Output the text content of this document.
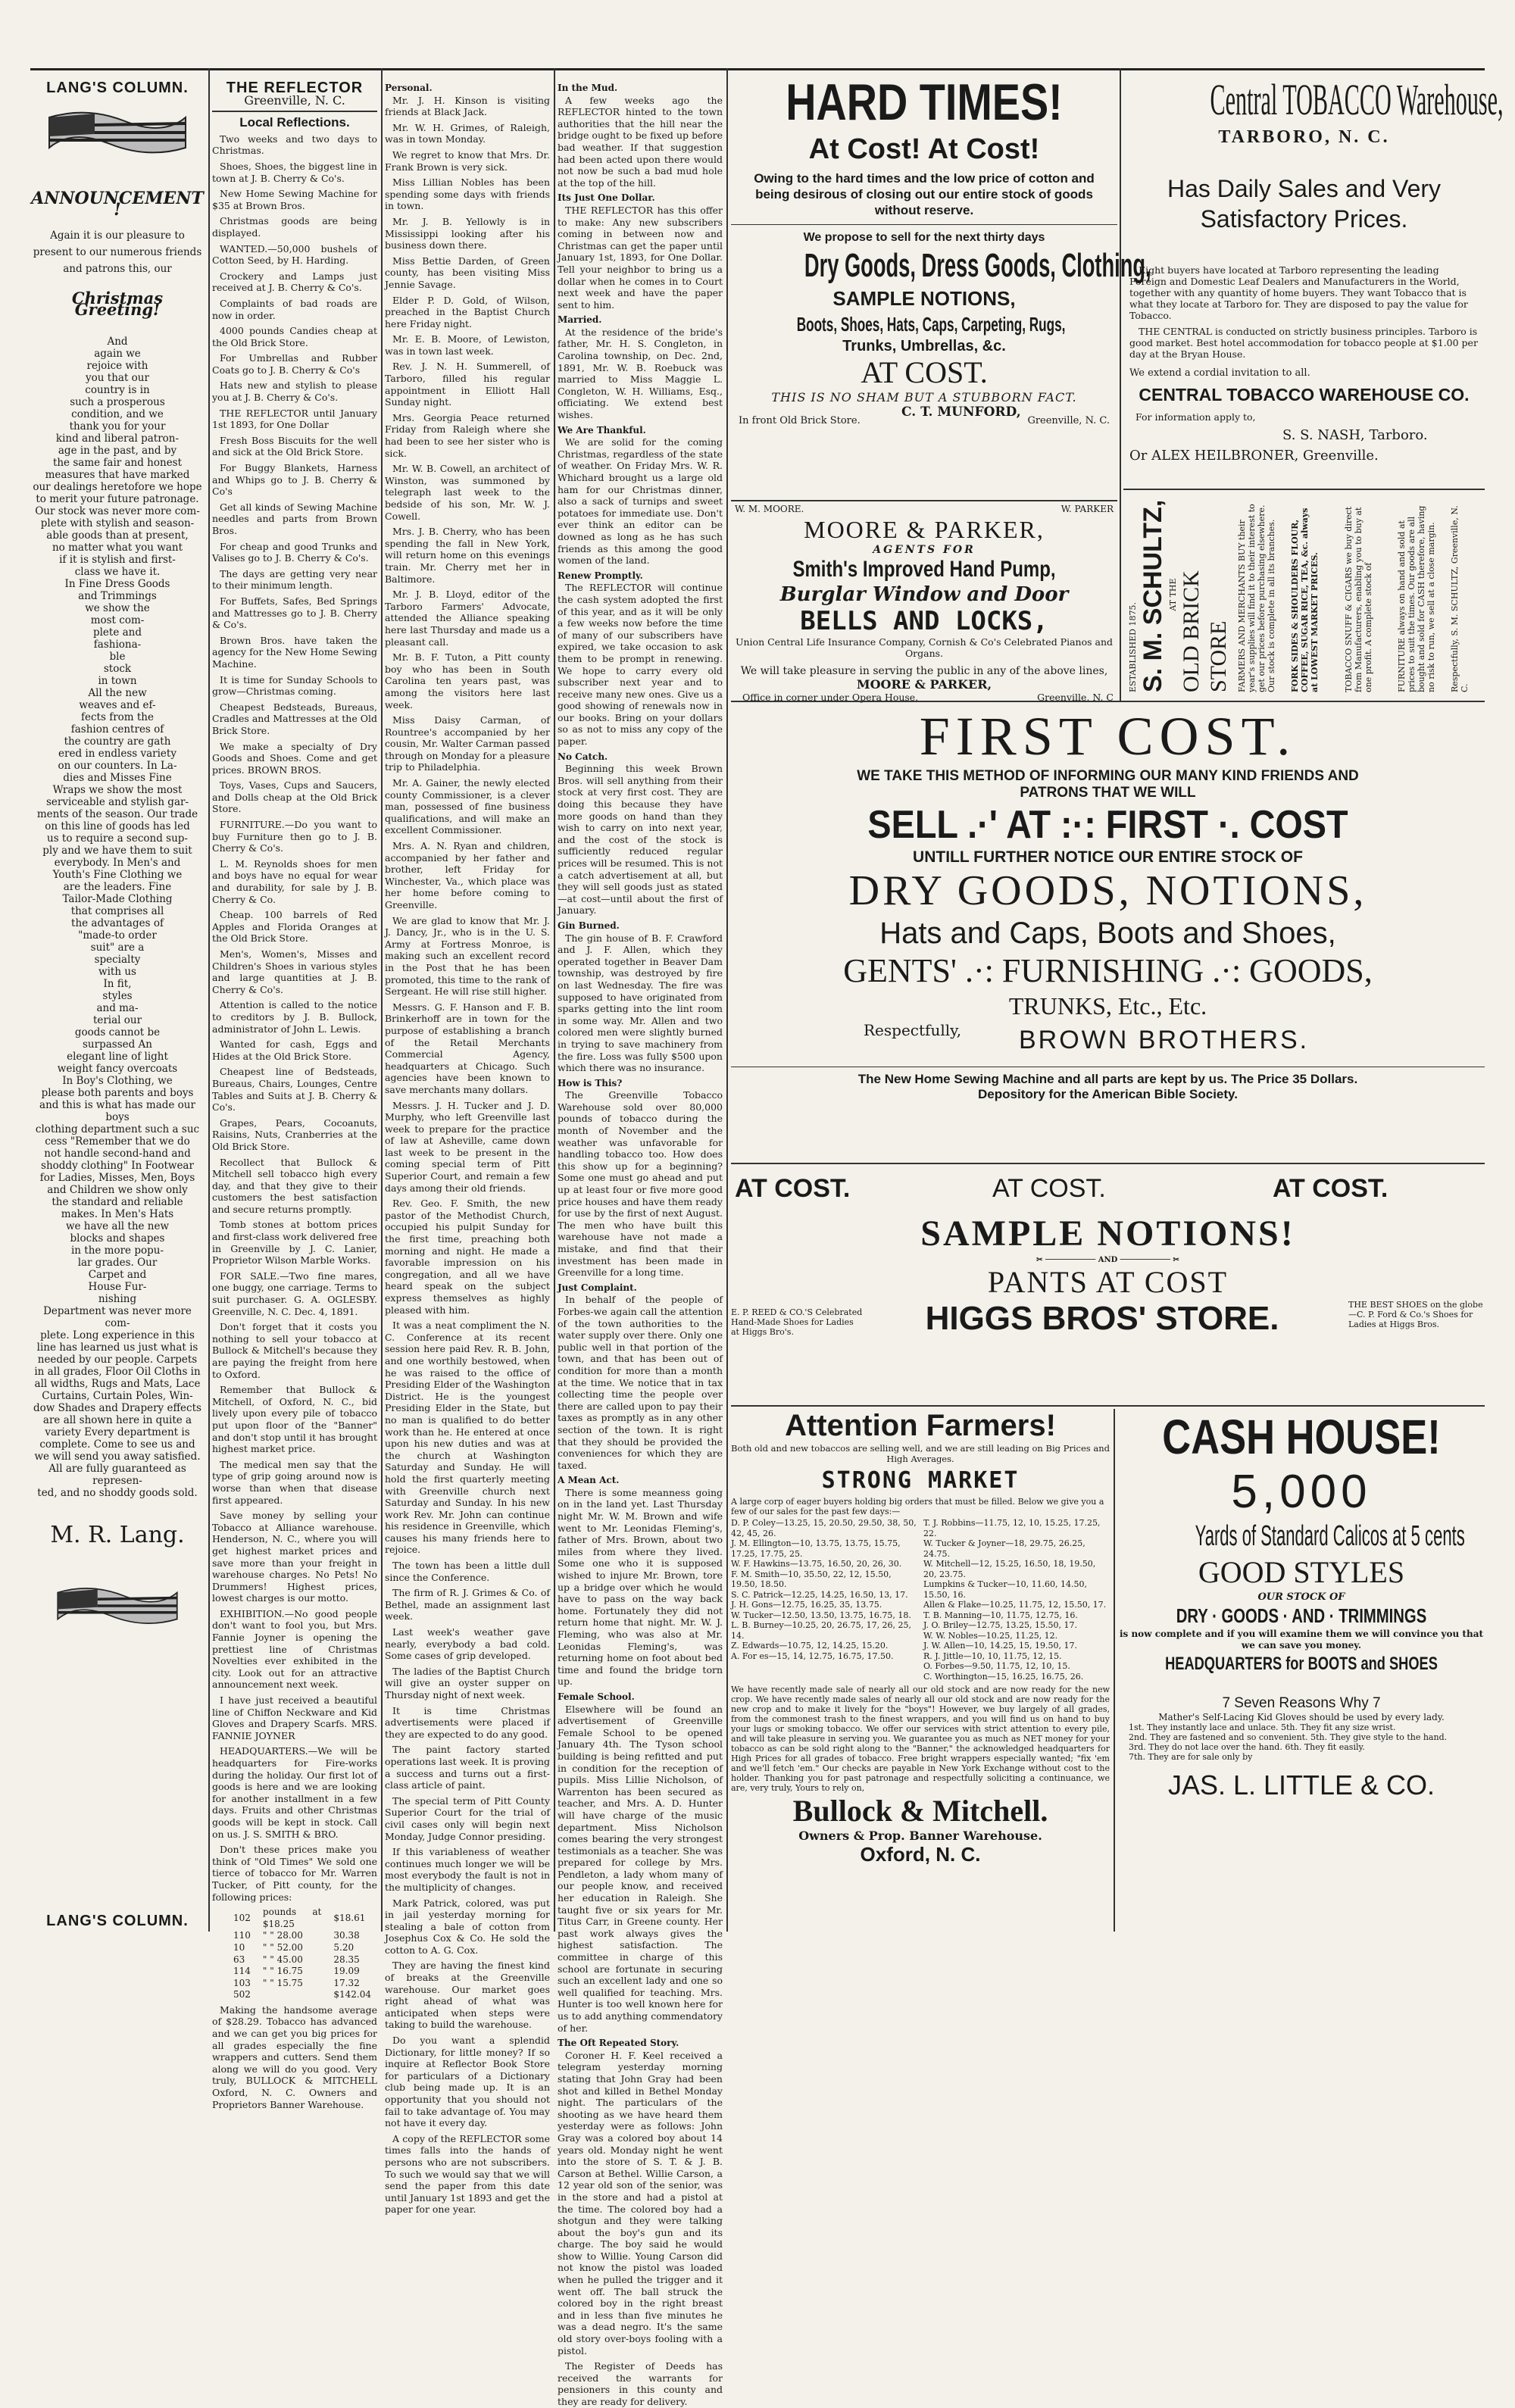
LANG'S COLUMN.
ANNOUNCEMENT !
Again it is our pleasure to present to our numerous friends and patrons this, our
Christmas Greeting!
And
again we
rejoice with
you that our
country is in
such a prosperous
condition, and we
thank you for your
kind and liberal patron-
age in the past, and by
the same fair and honest
measures that have marked
our dealings heretofore we hope
to merit your future patronage.
Our stock was never more com-
plete with stylish and season-
able goods than at present,
no matter what you want
if it is stylish and first-
class we have it.
In Fine Dress Goods
and Trimmings
we show the
most com-
plete and
fashiona-
ble
stock
in town
All the new
weaves and ef-
fects from the
fashion centres of
the country are gath
ered in endless variety
on our counters. In La-
dies and Misses Fine
Wraps we show the most
serviceable and stylish gar-
ments of the season. Our trade
on this line of goods has led
us to require a second sup-
ply and we have them to suit
everybody. In Men's and
Youth's Fine Clothing we
are the leaders. Fine
Tailor-Made Clothing
that comprises all
the advantages of
"made-to order
suit" are a
specialty
with us
In fit,
styles
and ma-
terial our
goods cannot be
surpassed An
elegant line of light
weight fancy overcoats
In Boy's Clothing, we
please both parents and boys
and this is what has made our boys
clothing department such a suc
cess "Remember that we do
not handle second-hand and
shoddy clothing" In Footwear
for Ladies, Misses, Men, Boys
and Children we show only
the standard and reliable
makes. In Men's Hats
we have all the new
blocks and shapes
in the more popu-
lar grades. Our
Carpet and
House Fur-
nishing
Department was never more com-
plete. Long experience in this
line has learned us just what is
needed by our people. Carpets
in all grades, Floor Oil Cloths in
all widths, Rugs and Mats, Lace
Curtains, Curtain Poles, Win-
dow Shades and Drapery effects
are all shown here in quite a
variety Every department is
complete. Come to see us and
we will send you away satisfied.
All are fully guaranteed as represen-
ted, and no shoddy goods sold.
M. R. Lang.
LANG'S COLUMN.
THE REFLECTOR
Greenville, N. C.
Local Reflections.
Two weeks and two days to Christmas.
Shoes, Shoes, the biggest line in town at J. B. Cherry & Co's.
New Home Sewing Machine for $35 at Brown Bros.
Christmas goods are being displayed.
WANTED.—50,000 bushels of Cotton Seed, by H. Harding.
Crockery and Lamps just received at J. B. Cherry & Co's.
Complaints of bad roads are now in order.
4000 pounds Candies cheap at the Old Brick Store.
For Umbrellas and Rubber Coats go to J. B. Cherry & Co's
Hats new and stylish to please you at J. B. Cherry & Co's.
THE REFLECTOR until January 1st 1893, for One Dollar
Fresh Boss Biscuits for the well and sick at the Old Brick Store.
For Buggy Blankets, Harness and Whips go to J. B. Cherry & Co's
Get all kinds of Sewing Machine needles and parts from Brown Bros.
For cheap and good Trunks and Valises go to J. B. Cherry & Co's.
The days are getting very near to their minimum length.
For Buffets, Safes, Bed Springs and Mattresses go to J. B. Cherry & Co's.
Brown Bros. have taken the agency for the New Home Sewing Machine.
It is time for Sunday Schools to grow—Christmas coming.
Cheapest Bedsteads, Bureaus, Cradles and Mattresses at the Old Brick Store.
We make a specialty of Dry Goods and Shoes. Come and get prices. BROWN BROS.
Toys, Vases, Cups and Saucers, and Dolls cheap at the Old Brick Store.
FURNITURE.—Do you want to buy Furniture then go to J. B. Cherry & Co's.
L. M. Reynolds shoes for men and boys have no equal for wear and durability, for sale by J. B. Cherry & Co.
Cheap. 100 barrels of Red Apples and Florida Oranges at the Old Brick Store.
Men's, Women's, Misses and Children's Shoes in various styles and large quantities at J. B. Cherry & Co's.
Attention is called to the notice to creditors by J. B. Bullock, administrator of John L. Lewis.
Wanted for cash, Eggs and Hides at the Old Brick Store.
Cheapest line of Bedsteads, Bureaus, Chairs, Lounges, Centre Tables and Suits at J. B. Cherry & Co's.
Grapes, Pears, Cocoanuts, Raisins, Nuts, Cranberries at the Old Brick Store.
Recollect that Bullock & Mitchell sell tobacco high every day, and that they give to their customers the best satisfaction and secure returns promptly.
Tomb stones at bottom prices and first-class work delivered free in Greenville by J. C. Lanier, Proprietor Wilson Marble Works.
FOR SALE.—Two fine mares, one buggy, one carriage. Terms to suit purchaser. G. A. OGLESBY. Greenville, N. C. Dec. 4, 1891.
Don't forget that it costs you nothing to sell your tobacco at Bullock & Mitchell's because they are paying the freight from here to Oxford.
Remember that Bullock & Mitchell, of Oxford, N. C., bid lively upon every pile of tobacco put upon floor of the "Banner" and don't stop until it has brought highest market price.
The medical men say that the type of grip going around now is worse than when that disease first appeared.
Save money by selling your Tobacco at Alliance warehouse. Henderson, N. C., where you will get highest market prices and save more than your freight in warehouse charges. No Pets! No Drummers! Highest prices, lowest charges is our motto.
EXHIBITION.—No good people don't want to fool you, but Mrs. Fannie Joyner is opening the prettiest line of Christmas Novelties ever exhibited in the city. Look out for an attractive announcement next week.
I have just received a beautiful line of Chiffon Neckware and Kid Gloves and Drapery Scarfs. MRS. FANNIE JOYNER
HEADQUARTERS.—We will be headquarters for Fire-works during the holiday. Our first lot of goods is here and we are looking for another installment in a few days. Fruits and other Christmas goods will be kept in stock. Call on us. J. S. SMITH & BRO.
Don't these prices make you think of "Old Times" We sold one tierce of tobacco for Mr. Warren Tucker, of Pitt county, for the following prices:
102	pounds at $18.25	$18.61
110	" " 28.00	30.38
10	" " 52.00	5.20
63	" " 45.00	28.35
114	" " 16.75	19.09
103	" " 15.75	17.32
502		$142.04
Making the handsome average of $28.29. Tobacco has advanced and we can get you big prices for all grades especially the fine wrappers and cutters. Send them along we will do you good. Very truly, BULLOCK & MITCHELL Oxford, N. C. Owners and Proprietors Banner Warehouse.
Personal.
Mr. J. H. Kinson is visiting friends at Black Jack.
Mr. W. H. Grimes, of Raleigh, was in town Monday.
We regret to know that Mrs. Dr. Frank Brown is very sick.
Miss Lillian Nobles has been spending some days with friends in town.
Mr. J. B. Yellowly is in Mississippi looking after his business down there.
Miss Bettie Darden, of Green county, has been visiting Miss Jennie Savage.
Elder P. D. Gold, of Wilson, preached in the Baptist Church here Friday night.
Mr. E. B. Moore, of Lewiston, was in town last week.
Rev. J. N. H. Summerell, of Tarboro, filled his regular appointment in Elliott Hall Sunday night.
Mrs. Georgia Peace returned Friday from Raleigh where she had been to see her sister who is sick.
Mr. W. B. Cowell, an architect of Winston, was summoned by telegraph last week to the bedside of his son, Mr. W. J. Cowell.
Mrs. J. B. Cherry, who has been spending the fall in New York, will return home on this evenings train. Mr. Cherry met her in Baltimore.
Mr. J. B. Lloyd, editor of the Tarboro Farmers' Advocate, attended the Alliance speaking here last Thursday and made us a pleasant call.
Mr. B. F. Tuton, a Pitt county boy who has been in South Carolina ten years past, was among the visitors here last week.
Miss Daisy Carman, of Rountree's accompanied by her cousin, Mr. Walter Carman passed through on Monday for a pleasure trip to Philadelphia.
Mr. A. Gainer, the newly elected county Commissioner, is a clever man, possessed of fine business qualifications, and will make an excellent Commissioner.
Mrs. A. N. Ryan and children, accompanied by her father and brother, left Friday for Winchester, Va., which place was her home before coming to Greenville.
We are glad to know that Mr. J. J. Dancy, Jr., who is in the U. S. Army at Fortress Monroe, is making such an excellent record in the Post that he has been promoted, this time to the rank of Sergeant. He will rise still higher.
Messrs. G. F. Hanson and F. B. Brinkerhoff are in town for the purpose of establishing a branch of the Retail Merchants Commercial Agency, headquarters at Chicago. Such agencies have been known to save merchants many dollars.
Messrs. J. H. Tucker and J. D. Murphy, who left Greenville last week to prepare for the practice of law at Asheville, came down last week to be present in the coming special term of Pitt Superior Court, and remain a few days among their old friends.
Rev. Geo. F. Smith, the new pastor of the Methodist Church, occupied his pulpit Sunday for the first time, preaching both morning and night. He made a favorable impression on his congregation, and all we have heard speak on the subject express themselves as highly pleased with him.
It was a neat compliment the N. C. Conference at its recent session here paid Rev. R. B. John, and one worthily bestowed, when he was raised to the office of Presiding Elder of the Washington District. He is the youngest Presiding Elder in the State, but no man is qualified to do better work than he. He entered at once upon his new duties and was at the church at Washington Saturday and Sunday. He will hold the first quarterly meeting with Greenville church next Saturday and Sunday. In his new work Rev. Mr. John can continue his residence in Greenville, which causes his many friends here to rejoice.
The town has been a little dull since the Conference.
The firm of R. J. Grimes & Co. of Bethel, made an assignment last week.
Last week's weather gave nearly, everybody a bad cold. Some cases of grip developed.
The ladies of the Baptist Church will give an oyster supper on Thursday night of next week.
It is time Christmas advertisements were placed if they are expected to do any good.
The paint factory started operations last week. It is proving a success and turns out a first-class article of paint.
The special term of Pitt County Superior Court for the trial of civil cases only will begin next Monday, Judge Connor presiding.
If this variableness of weather continues much longer we will be most everybody the fault is not in the multiplicity of changes.
Mark Patrick, colored, was put in jail yesterday morning for stealing a bale of cotton from Josephus Cox & Co. He sold the cotton to A. G. Cox.
They are having the finest kind of breaks at the Greenville warehouse. Our market goes right ahead of what was anticipated when steps were taking to build the warehouse.
Do you want a splendid Dictionary, for little money? If so inquire at Reflector Book Store for particulars of a Dictionary club being made up. It is an opportunity that you should not fail to take advantage of. You may not have it every day.
A copy of the REFLECTOR some times falls into the hands of persons who are not subscribers. To such we would say that we will send the paper from this date until January 1st 1893 and get the paper for one year.
In the Mud.
A few weeks ago the REFLECTOR hinted to the town authorities that the hill near the bridge ought to be fixed up before bad weather. If that suggestion had been acted upon there would not now be such a bad mud hole at the top of the hill.
Its Just One Dollar.
THE REFLECTOR has this offer to make: Any new subscribers coming in between now and Christmas can get the paper until January 1st, 1893, for One Dollar. Tell your neighbor to bring us a dollar when he comes in to Court next week and have the paper sent to him.
Married.
At the residence of the bride's father, Mr. H. S. Congleton, in Carolina township, on Dec. 2nd, 1891, Mr. W. B. Roebuck was married to Miss Maggie L. Congleton, W. H. Williams, Esq., officiating. We extend best wishes.
We Are Thankful.
We are solid for the coming Christmas, regardless of the state of weather. On Friday Mrs. W. R. Whichard brought us a large old ham for our Christmas dinner, also a sack of turnips and sweet potatoes for immediate use. Don't ever think an editor can be downed as long as he has such friends as this among the good women of the land.
Renew Promptly.
The REFLECTOR will continue the cash system adopted the first of this year, and as it will be only a few weeks now before the time of many of our subscribers have expired, we take occasion to ask them to be prompt in renewing. We hope to carry every old subscriber next year and to receive many new ones. Give us a good showing of renewals now in our books. Bring on your dollars so as not to miss any copy of the paper.
No Catch.
Beginning this week Brown Bros. will sell anything from their stock at very first cost. They are doing this because they have more goods on hand than they wish to carry on into next year, and the cost of the stock is sufficiently reduced regular prices will be resumed. This is not a catch advertisement at all, but they will sell goods just as stated—at cost—until about the first of January.
Gin Burned.
The gin house of B. F. Crawford and J. F. Allen, which they operated together in Beaver Dam township, was destroyed by fire on last Wednesday. The fire was supposed to have originated from sparks getting into the lint room in some way. Mr. Allen and two colored men were slightly burned in trying to save machinery from the fire. Loss was fully $500 upon which there was no insurance.
How is This?
The Greenville Tobacco Warehouse sold over 80,000 pounds of tobacco during the month of November and the weather was unfavorable for handling tobacco too. How does this show up for a beginning? Some one must go ahead and put up at least four or five more good price houses and have them ready for use by the first of next August. The men who have built this warehouse have not made a mistake, and find that their investment has been made in Greenville for a long time.
Just Complaint.
In behalf of the people of Forbes-we again call the attention of the town authorities to the water supply over there. Only one public well in that portion of the town, and that has been out of condition for more than a month at the time. We notice that in tax collecting time the people over there are called upon to pay their taxes as promptly as in any other section of the town. It is right that they should be provided the conveniences for which they are taxed.
A Mean Act.
There is some meanness going on in the land yet. Last Thursday night Mr. W. M. Brown and wife went to Mr. Leonidas Fleming's, father of Mrs. Brown, about two miles from where they lived. Some one who it is supposed wished to injure Mr. Brown, tore up a bridge over which he would have to pass on the way back home. Fortunately they did not return home that night. Mr. W. J. Fleming, who was also at Mr. Leonidas Fleming's, was returning home on foot about bed time and found the bridge torn up.
Female School.
Elsewhere will be found an advertisement of Greenville Female School to be opened January 4th. The Tyson school building is being refitted and put in condition for the reception of pupils. Miss Lillie Nicholson, of Warrenton has been secured as teacher, and Mrs. A. D. Hunter will have charge of the music department. Miss Nicholson comes bearing the very strongest testimonials as a teacher. She was prepared for college by Mrs. Pendleton, a lady whom many of our people know, and received her education in Raleigh. She taught five or six years for Mr. Titus Carr, in Greene county. Her past work always gives the highest satisfaction. The committee in charge of this school are fortunate in securing such an excellent lady and one so well qualified for teaching. Mrs. Hunter is too well known here for us to add anything commendatory of her.
The Oft Repeated Story.
Coroner H. F. Keel received a telegram yesterday morning stating that John Gray had been shot and killed in Bethel Monday night. The particulars of the shooting as we have heard them yesterday were as follows: John Gray was a colored boy about 14 years old. Monday night he went into the store of S. T. & J. B. Carson at Bethel. Willie Carson, a 12 year old son of the senior, was in the store and had a pistol at the time. The colored boy had a shotgun and they were talking about the boy's gun and its charge. The boy said he would show to Willie. Young Carson did not know the pistol was loaded when he pulled the trigger and it went off. The ball struck the colored boy in the right breast and in less than five minutes he was a dead negro. It's the same old story over-boys fooling with a pistol.
The Register of Deeds has received the warrants for pensioners in this county and they are ready for delivery.
HARD TIMES!
At Cost! At Cost!
Owing to the hard times and the low price of cotton and being desirous of closing out our entire stock of goods without reserve.
We propose to sell for the next thirty days
Dry Goods, Dress Goods, Clothing,
SAMPLE NOTIONS,
Boots, Shoes, Hats, Caps, Carpeting, Rugs,
Trunks, Umbrellas, &c.
AT COST.
THIS IS NO SHAM BUT A STUBBORN FACT.
In front Old Brick Store.
C. T. MUNFORD,
Greenville, N. C.
W. M. MOORE.	W. PARKER
MOORE & PARKER,
AGENTS FOR
Smith's Improved Hand Pump,
Burglar Window and Door
BELLS AND LOCKS,
Union Central Life Insurance Company, Cornish & Co's Celebrated Pianos and Organs.
We will take pleasure in serving the public in any of the above lines,
MOORE & PARKER,
Office in corner under Opera House.	Greenville, N. C
Central TOBACCO Warehouse,
TARBORO, N. C.
Has Daily Sales and Very Satisfactory Prices.
Eight buyers have located at Tarboro representing the leading Foreign and Domestic Leaf Dealers and Manufacturers in the World, together with any quantity of home buyers. They want Tobacco that is what they locate at Tarboro for. They are disposed to pay the value for Tobacco.
THE CENTRAL is conducted on strictly business principles. Tarboro is good market. Best hotel accommodation for tobacco people at $1.00 per day at the Bryan House.
We extend a cordial invitation to all.
CENTRAL TOBACCO WAREHOUSE CO.
For information apply to,
S. S. NASH, Tarboro.
Or ALEX HEILBRONER, Greenville.
ESTABLISHED 1875. S. M. SCHULTZ, AT THE OLD BRICK STORE FARMERS AND MERCHANTS BUY their year's supplies will find it to their interest to get our prices before purchasing elsewhere. Our stock is complete in all its branches.	FORK SIDES & SHOULDERS FLOUR, COFFEE, SUGAR RICE, TEA, &c. always at LOWEST MARKET PRICES.	TOBACCO SNUFF & CIGARS we buy direct from Manufacturers, enabling you to buy at one profit. A complete stock of	FURNITURE always on hand and sold at prices to suit the times. Our goods are all bought and sold for CASH therefore, having no risk to run, we sell at a close margin.	Respectfully, S. M. SCHULTZ, Greenville, N. C.
FIRST COST.
WE TAKE THIS METHOD OF INFORMING OUR MANY KIND FRIENDS AND
PATRONS THAT WE WILL
SELL .·' AT :·: FIRST ·. COST
UNTILL FURTHER NOTICE OUR ENTIRE STOCK OF
DRY GOODS, NOTIONS,
Hats and Caps, Boots and Shoes,
GENTS' .·: FURNISHING .·: GOODS,
TRUNKS, Etc., Etc.
Respectfully, BROWN BROTHERS.
The New Home Sewing Machine and all parts are kept by us. The Price 35 Dollars.
Depository for the American Bible Society.
AT COST.	AT COST.	AT COST.
SAMPLE NOTIONS!
✂ ─────────── AND ─────────── ✂
PANTS AT COST
E. P. REED & CO.'S Celebrated Hand-Made Shoes for Ladies at Higgs Bro's.	HIGGS BROS' STORE.	THE BEST SHOES on the globe—C. P. Ford & Co.'s Shoes for Ladies at Higgs Bros.
Attention Farmers!
Both old and new tobaccos are selling well, and we are still leading on Big Prices and High Averages.
STRONG MARKET
A large corp of eager buyers holding big orders that must be filled. Below we give you a few of our sales for the past few days:—
D. P. Coley—13.25, 15, 20.50, 29.50, 38, 50, 42, 45, 26.
J. M. Ellington—10, 13.75, 13.75, 15.75, 17.25, 17.75, 25.
W. F. Hawkins—13.75, 16.50, 20, 26, 30.
F. M. Smith—10, 35.50, 22, 12, 15.50, 19.50, 18.50.
S. C. Patrick—12.25, 14.25, 16.50, 13, 17.
J. H. Gons—12.75, 16.25, 35, 13.75.
W. Tucker—12.50, 13.50, 13.75, 16.75, 18.
L. B. Burney—10.25, 20, 26.75, 17, 26, 25, 14.
Z. Edwards—10.75, 12, 14.25, 15.20.
A. For es—15, 14, 12.75, 16.75, 17.50.
T. J. Robbins—11.75, 12, 10, 15.25, 17.25, 22.
W. Tucker & Joyner—18, 29.75, 26.25, 24.75.
W. Mitchell—12, 15.25, 16.50, 18, 19.50, 20, 23.75.
Lumpkins & Tucker—10, 11.60, 14.50, 15.50, 16.
Allen & Flake—10.25, 11.75, 12, 15.50, 17.
T. B. Manning—10, 11.75, 12.75, 16.
J. O. Briley—12.75, 13.25, 15.50, 17.
W. W. Nobles—10.25, 11.25, 12.
J. W. Allen—10, 14.25, 15, 19.50, 17.
R. J. Jittle—10, 10, 11.75, 12, 15.
O. Forbes—9.50, 11.75, 12, 10, 15.
C. Worthington—15, 16.25, 16.75, 26.
We have recently made sale of nearly all our old stock and are now ready for the new crop. We have recently made sales of nearly all our old stock and are now ready for the new crop and to make it lively for the "boys"! However, we buy largely of all grades, from the commonest trash to the finest wrappers, and you will find us on hand to buy your lugs or smoking tobacco. We offer our services with strict attention to every pile, and will take pleasure in serving you. We guarantee you as much as NET money for your tobacco as can be sold right along to the "Banner," the acknowledged headquarters for High Prices for all grades of tobacco. Free bright wrappers especially wanted; "fix 'em and we'll fetch 'em." Our checks are payable in New York Exchange without cost to the holder. Thanking you for past patronage and respectfully soliciting a continuance, we are, very truly, Yours to rely on,
Bullock & Mitchell.
Owners & Prop. Banner Warehouse.
Oxford, N. C.
CASH HOUSE!
5,000
Yards of Standard Calicos at 5 cents
GOOD STYLES
OUR STOCK OF
DRY · GOODS · AND · TRIMMINGS
is now complete and if you will examine them we will convince you that we can save you money.
HEADQUARTERS for BOOTS and SHOES
7 Seven Reasons Why 7
Mather's Self-Lacing Kid Gloves should be used by every lady.
1st. They instantly lace and unlace. 5th. They fit any size wrist.
2nd. They are fastened and so convenient. 5th. They give style to the hand.
3rd. They do not lace over the hand. 6th. They fit easily.
7th. They are for sale only by
JAS. L. LITTLE & CO.
